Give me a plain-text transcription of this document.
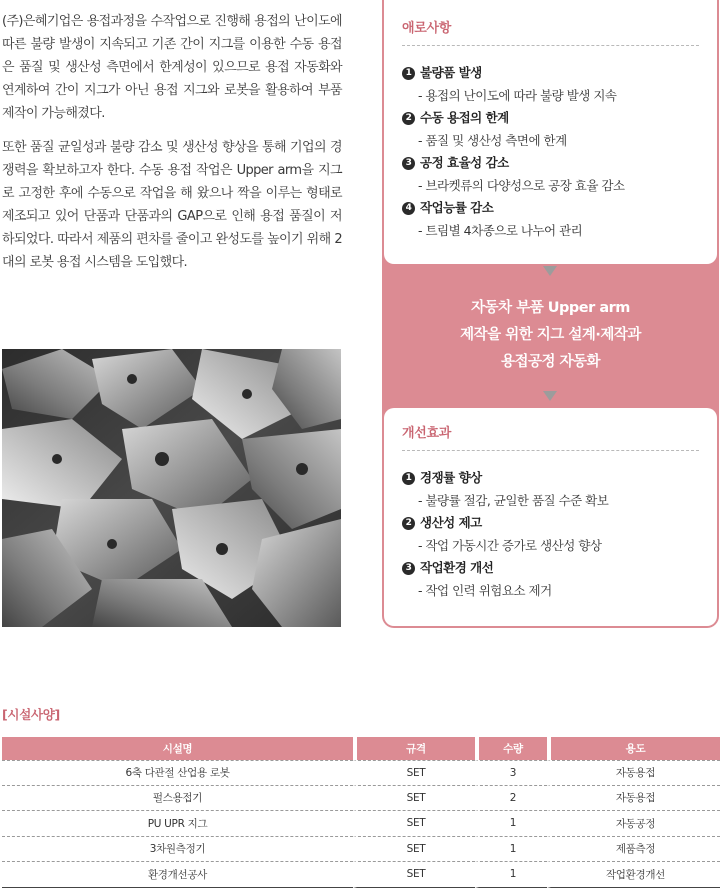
(주)은혜기업은 용접과정을 수작업으로 진행해 용접의 난이도에 따른 불량 발생이 지속되고 기존 간이 지그를 이용한 수동 용접은 품질 및 생산성 측면에서 한계성이 있으므로 용접 자동화와 연계하여 간이 지그가 아닌 용접 지그와 로봇을 활용하여 부품 제작이 가능해졌다.

또한 품질 균일성과 불량 감소 및 생산성 향상을 통해 기업의 경쟁력을 확보하고자 한다. 수동 용접 작업은 Upper arm을 지그로 고정한 후에 수동으로 작업을 해 왔으나 짝을 이루는 형태로 제조되고 있어 단품과 단품과의 GAP으로 인해 용접 품질이 저하되었다. 따라서 제품의 편차를 줄이고 완성도를 높이기 위해 2대의 로봇 용접 시스템을 도입했다.

애로사항
1 불량품 발생
- 용접의 난이도에 따라 불량 발생 지속
2 수동 용접의 한계
- 품질 및 생산성 측면에 한계
3 공정 효율성 감소
- 브라켓류의 다양성으로 공장 효율 감소
4 작업능률 감소
- 트림별 4차종으로 나누어 관리
자동차 부품 Upper arm
제작을 위한 지그 설계·제작과
용접공정 자동화
개선효과
1 경쟁률 향상
- 불량률 절감, 균일한 품질 수준 확보
2 생산성 제고
- 작업 가동시간 증가로 생산성 향상
3 작업환경 개선
- 작업 인력 위험요소 제거
[시설사양]
시설명	규격	수량	용도
6축 다관절 산업용 로봇	SET	3	자동용접
펄스용접기	SET	2	자동용접
PU UPR 지그	SET	1	자동공정
3차원측정기	SET	1	제품측정
환경개선공사	SET	1	작업환경개선
